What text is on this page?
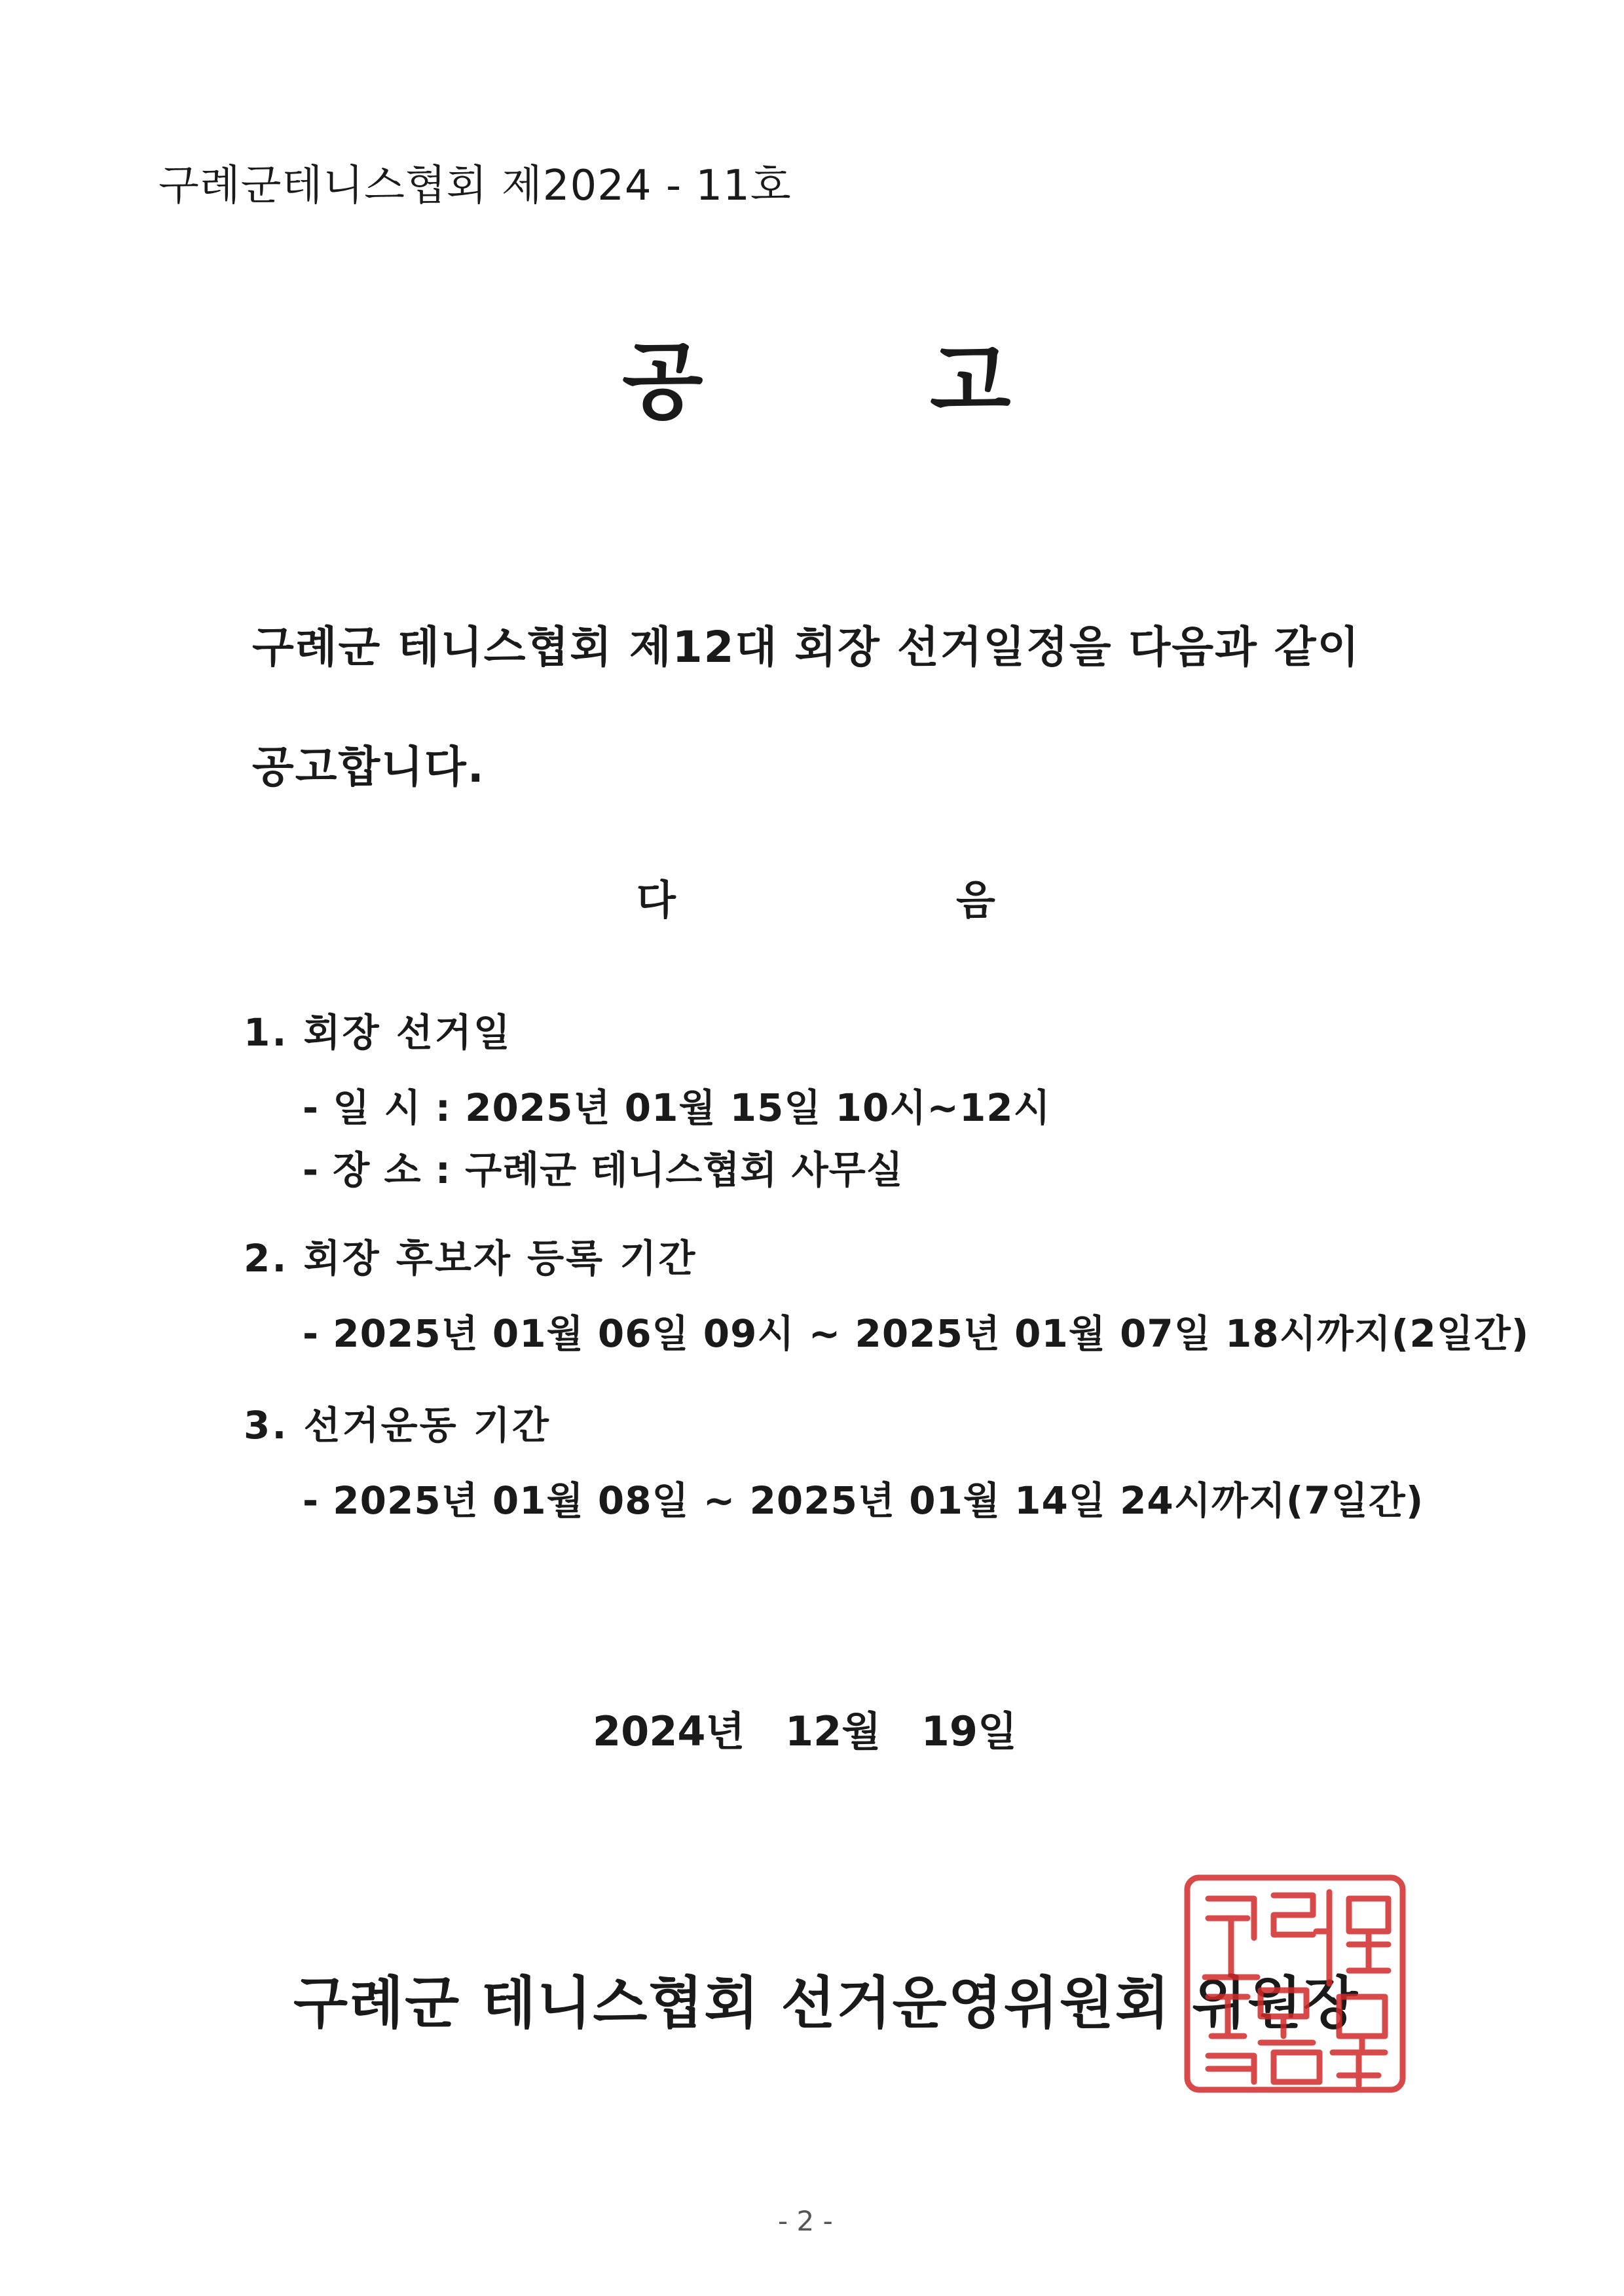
구례군테니스협회 제2024 - 11호
공	고
구례군 테니스협회 제12대 회장 선거일정을 다음과 같이
공고합니다.
다	음
1. 회장 선거일
- 일 시 : 2025년 01월 15일 10시~12시
- 장 소 : 구례군 테니스협회 사무실
2. 회장 후보자 등록 기간
- 2025년 01월 06일 09시 ~ 2025년 01월 07일 18시까지(2일간)
3. 선거운동 기간
- 2025년 01월 08일 ~ 2025년 01월 14일 24시까지(7일간)
2024년 12월 19일
구례군 테니스협회 선거운영위원회 위원장
- 2 -
